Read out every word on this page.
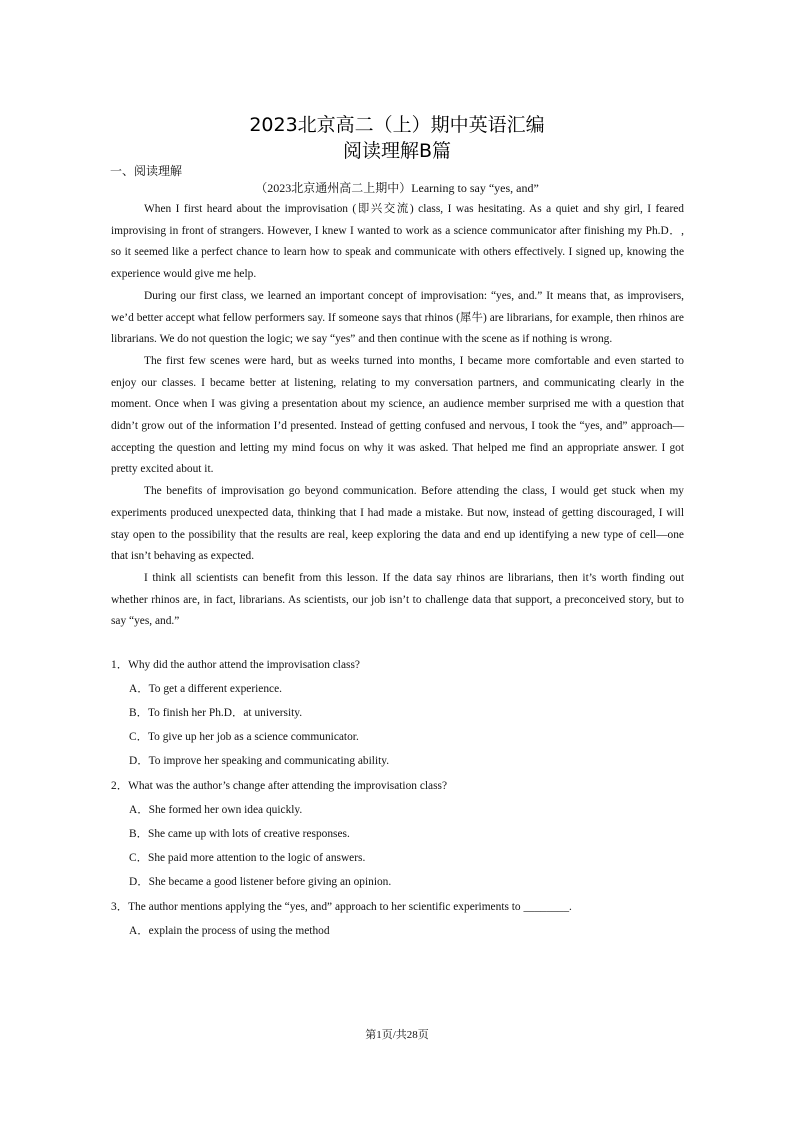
2023北京高二（上）期中英语汇编
阅读理解B篇
一、阅读理解
（2023北京通州高二上期中）Learning to say “yes, and”

When I first heard about the improvisation (即兴交流) class, I was hesitating. As a quiet and shy girl, I feared improvising in front of strangers. However, I knew I wanted to work as a science communicator after finishing my Ph.D．, so it seemed like a perfect chance to learn how to speak and communicate with others effectively. I signed up, knowing the experience would give me help.

During our first class, we learned an important concept of improvisation: “yes, and.” It means that, as improvisers, we’d better accept what fellow performers say. If someone says that rhinos (犀牛) are librarians, for example, then rhinos are librarians. We do not question the logic; we say “yes” and then continue with the scene as if nothing is wrong.

The first few scenes were hard, but as weeks turned into months, I became more comfortable and even started to enjoy our classes. I became better at listening, relating to my conversation partners, and communicating clearly in the moment. Once when I was giving a presentation about my science, an audience member surprised me with a question that didn’t grow out of the information I’d presented. Instead of getting confused and nervous, I took the “yes, and” approach—accepting the question and letting my mind focus on why it was asked. That helped me find an appropriate answer. I got pretty excited about it.

The benefits of improvisation go beyond communication. Before attending the class, I would get stuck when my experiments produced unexpected data, thinking that I had made a mistake. But now, instead of getting discouraged, I will stay open to the possibility that the results are real, keep exploring the data and end up identifying a new type of cell—one that isn’t behaving as expected.

I think all scientists can benefit from this lesson. If the data say rhinos are librarians, then it’s worth finding out whether rhinos are, in fact, librarians. As scientists, our job isn’t to challenge data that support, a preconceived story, but to say “yes, and.”

1．Why did the author attend the improvisation class?

A．To get a different experience.

B．To finish her Ph.D．at university.

C．To give up her job as a science communicator.

D．To improve her speaking and communicating ability.

2．What was the author’s change after attending the improvisation class?

A．She formed her own idea quickly.

B．She came up with lots of creative responses.

C．She paid more attention to the logic of answers.

D．She became a good listener before giving an opinion.

3．The author mentions applying the “yes, and” approach to her scientific experiments to ________.

A．explain the process of using the method

第1页/共28页
